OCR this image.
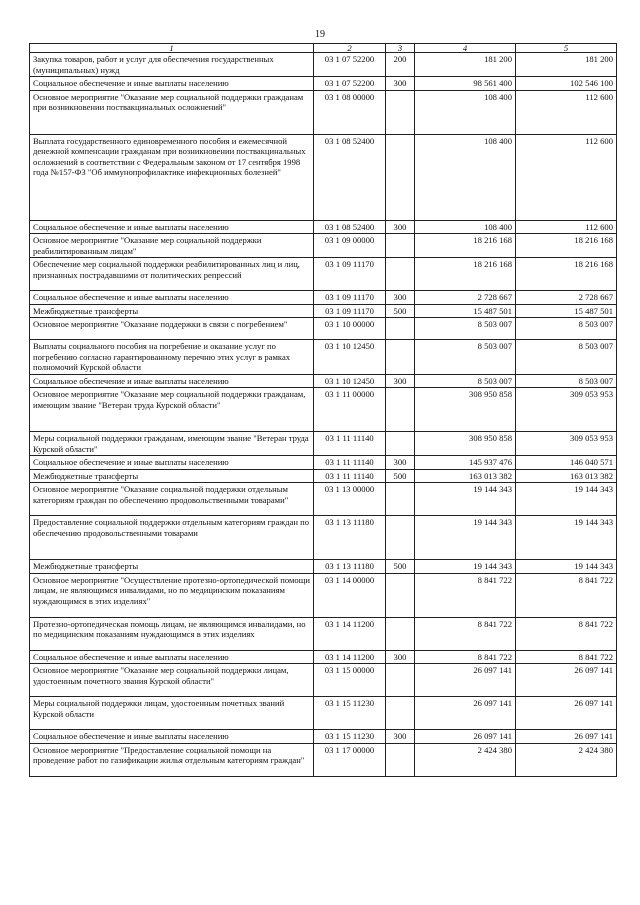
19
1	2	3	4	5
Закупка товаров, работ и услуг для обеспечения государственных (муниципальных) нужд	03 1 07 52200	200	181 200	181 200
Социальное обеспечение и иные выплаты населению	03 1 07 52200	300	98 561 400	102 546 100
Основное мероприятие "Оказание мер социальной поддержки гражданам при возникновении поствакцинальных осложнений"	03 1 08 00000		108 400	112 600
Выплата государственного единовременного пособия и ежемесячной денежной компенсации гражданам при возникновении поствакцинальных осложнений в соответствии с Федеральным законом от 17 сентября 1998 года №157-ФЗ "Об иммунопрофилактике инфекционных болезней"	03 1 08 52400		108 400	112 600
Социальное обеспечение и иные выплаты населению	03 1 08 52400	300	108 400	112 600
Основное мероприятие "Оказание мер социальной поддержки реабилитированным лицам"	03 1 09 00000		18 216 168	18 216 168
Обеспечение мер социальной поддержки реабилитированных лиц и лиц, признанных пострадавшими от политических репрессий	03 1 09 11170		18 216 168	18 216 168
Социальное обеспечение и иные выплаты населению	03 1 09 11170	300	2 728 667	2 728 667
Межбюджетные трансферты	03 1 09 11170	500	15 487 501	15 487 501
Основное мероприятие "Оказание поддержки в связи с погребением"	03 1 10 00000		8 503 007	8 503 007
Выплаты социального пособия на погребение и оказание услуг по погребению согласно гарантированному перечню этих услуг в рамках полномочий Курской области	03 1 10 12450		8 503 007	8 503 007
Социальное обеспечение и иные выплаты населению	03 1 10 12450	300	8 503 007	8 503 007
Основное мероприятие "Оказание мер социальной поддержки гражданам, имеющим звание "Ветеран труда Курской области"	03 1 11 00000		308 950 858	309 053 953
Меры социальной поддержки гражданам, имеющим звание "Ветеран труда Курской области"	03 1 11 11140		308 950 858	309 053 953
Социальное обеспечение и иные выплаты населению	03 1 11 11140	300	145 937 476	146 040 571
Межбюджетные трансферты	03 1 11 11140	500	163 013 382	163 013 382
Основное мероприятие "Оказание социальной поддержки отдельным категориям граждан по обеспечению продовольственными товарами"	03 1 13 00000		19 144 343	19 144 343
Предоставление социальной поддержки отдельным категориям граждан по обеспечению продовольственными товарами	03 1 13 11180		19 144 343	19 144 343
Межбюджетные трансферты	03 1 13 11180	500	19 144 343	19 144 343
Основное мероприятие "Осуществление протезно-ортопедической помощи лицам, не являющимся инвалидами, но по медицинским показаниям нуждающимся в этих изделиях"	03 1 14 00000		8 841 722	8 841 722
Протезно-ортопедическая помощь лицам, не являющимся инвалидами, но по медицинским показаниям нуждающимся в этих изделиях	03 1 14 11200		8 841 722	8 841 722
Социальное обеспечение и иные выплаты населению	03 1 14 11200	300	8 841 722	8 841 722
Основное мероприятие "Оказание мер социальной поддержки лицам, удостоенным почетного звания Курской области"	03 1 15 00000		26 097 141	26 097 141
Меры социальной поддержки лицам, удостоенным почетных званий Курской области	03 1 15 11230		26 097 141	26 097 141
Социальное обеспечение и иные выплаты населению	03 1 15 11230	300	26 097 141	26 097 141
Основное мероприятие "Предоставление социальной помощи на проведение работ по газификации жилья отдельным категориям граждан"	03 1 17 00000		2 424 380	2 424 380
